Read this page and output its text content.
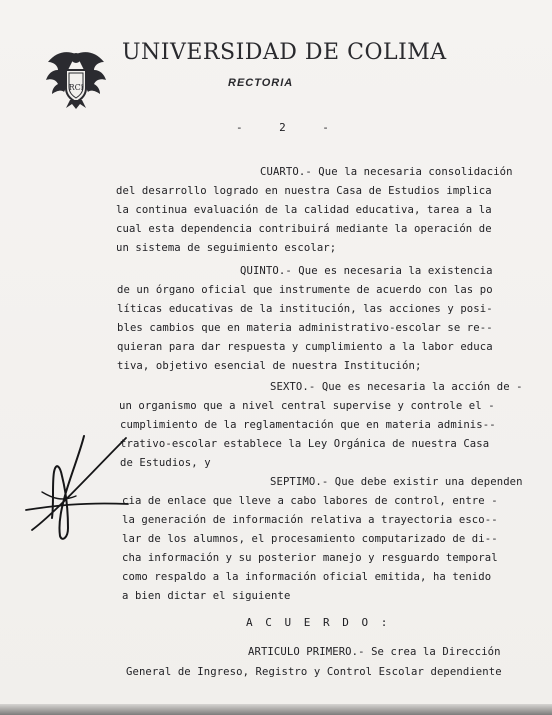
RCi
UNIVERSIDAD DE COLIMA
RECTORIA
-    2    -
CUARTO.- Que la necesaria consolidación
del desarrollo logrado en nuestra Casa de Estudios implica
la continua evaluación de la calidad educativa, tarea a la
cual esta dependencia contribuirá mediante la operación de
un sistema de seguimiento escolar;
QUINTO.- Que es necesaria la existencia
de un órgano oficial que instrumente de acuerdo con las po
líticas educativas de la institución, las acciones y posi-
bles cambios que en materia administrativo-escolar se re--
quieran para dar respuesta y cumplimiento a la labor educa
tiva, objetivo esencial de nuestra Institución;
SEXTO.- Que es necesaria la acción de -
un organismo que a nivel central supervise y controle el -
cumplimiento de la reglamentación que en materia adminis--
trativo-escolar establece la Ley Orgánica de nuestra Casa
de Estudios, y
SEPTIMO.- Que debe existir una dependen
cia de enlace que lleve a cabo labores de control, entre -
la generación de información relativa a trayectoria esco--
lar de los alumnos, el procesamiento computarizado de di--
cha información y su posterior manejo y resguardo temporal
como respaldo a la información oficial emitida, ha tenido
a bien dictar el siguiente
A C U E R D O :
ARTICULO PRIMERO.- Se crea la Dirección
General de Ingreso, Registro y Control Escolar dependiente
